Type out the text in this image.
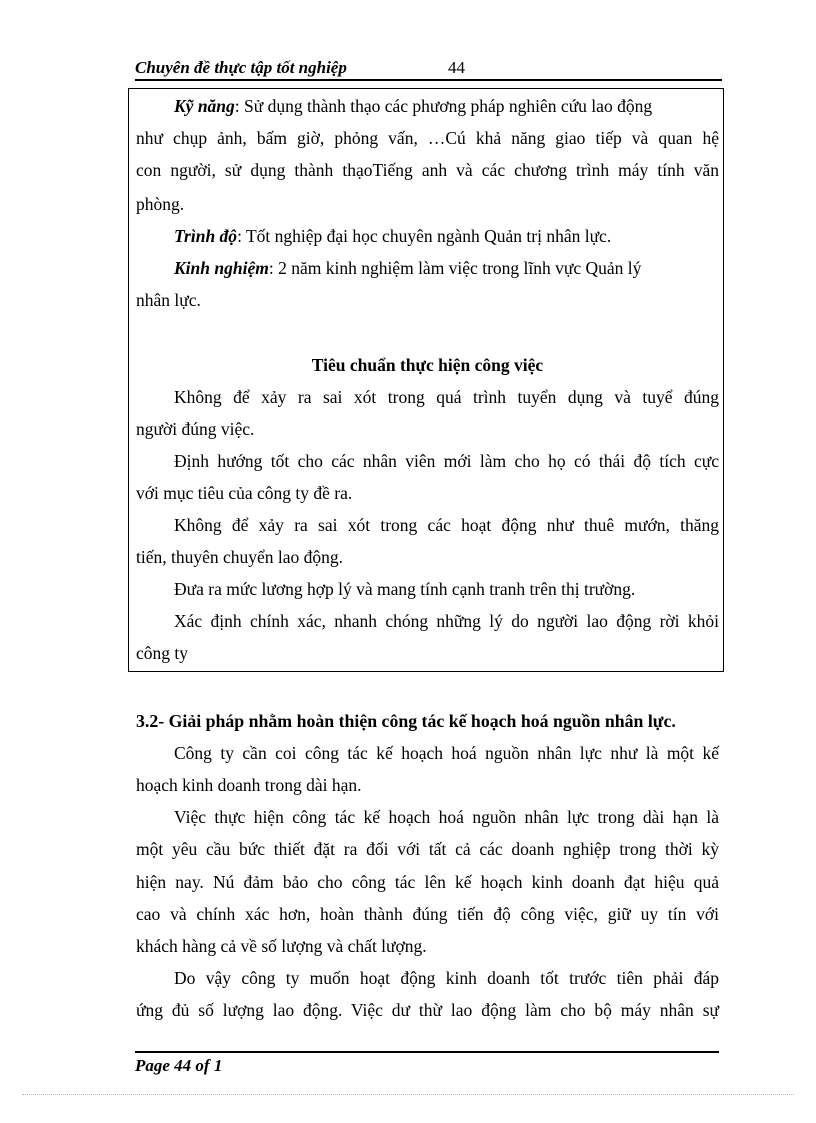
Chuyên đề thực tập tốt nghiệp	44
Kỹ năng: Sử dụng thành thạo các phương pháp nghiên cứu lao động
như chụp ảnh, bấm giờ, phỏng vấn, …Cú khả năng giao tiếp và quan hệ
con người, sử dụng thành thạoTiếng anh và các chương trình máy tính văn
phòng.
Trình độ: Tốt nghiệp đại học chuyên ngành Quản trị nhân lực.
Kinh nghiệm: 2 năm kinh nghiệm làm việc trong lĩnh vực Quản lý
nhân lực.
Tiêu chuẩn thực hiện công việc
Không để xảy ra sai xót trong quá trình tuyển dụng và tuyể đúng
người đúng việc.
Định hướng tốt cho các nhân viên mới làm cho họ có thái độ tích cực
với mục tiêu của công ty đề ra.
Không để xảy ra sai xót trong các hoạt động như thuê mướn, thăng
tiến, thuyên chuyển lao động.
Đưa ra mức lương hợp lý và mang tính cạnh tranh trên thị trường.
Xác định chính xác, nhanh chóng những lý do người lao động rời khỏi
công ty
3.2- Giải pháp nhằm hoàn thiện công tác kế hoạch hoá nguồn nhân lực.
Công ty cần coi công tác kế hoạch hoá nguồn nhân lực như là một kế
hoạch kinh doanh trong dài hạn.
Việc thực hiện công tác kế hoạch hoá nguồn nhân lực trong dài hạn là
một yêu cầu bức thiết đặt ra đối với tất cả các doanh nghiệp trong thời kỳ
hiện nay. Nú đảm bảo cho công tác lên kế hoạch kinh doanh đạt hiệu quả
cao và chính xác hơn, hoàn thành đúng tiến độ công việc, giữ uy tín với
khách hàng cả về số lượng và chất lượng.
Do vậy công ty muốn hoạt động kinh doanh tốt trước tiên phải đáp
ứng đủ số lượng lao động. Việc dư thừ lao động làm cho bộ máy nhân sự
Page 44 of 1
